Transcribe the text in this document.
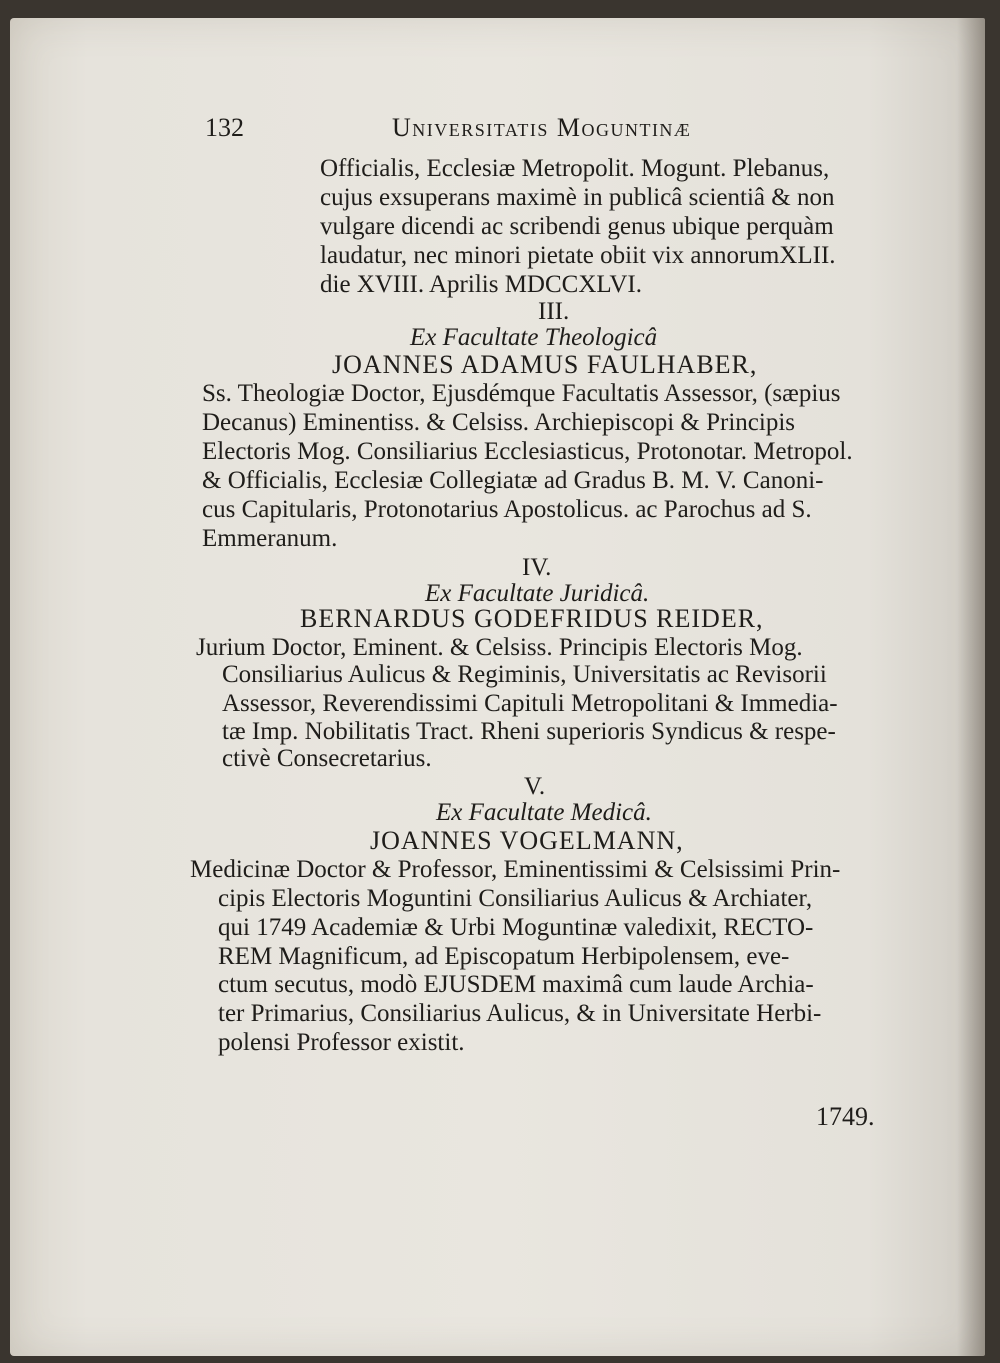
132	Universitatis Moguntinæ
Officialis, Ecclesiæ Metropolit. Mogunt. Plebanus,
cujus exsuperans maximè in publicâ scientiâ & non
vulgare dicendi ac scribendi genus ubique perquàm
laudatur, nec minori pietate obiit vix annorumXLII.
die XVIII. Aprilis MDCCXLVI.
III.
Ex Facultate Theologicâ
JOANNES ADAMUS FAULHABER,
Ss. Theologiæ Doctor, Ejusdémque Facultatis Assessor, (sæpius
Decanus) Eminentiss. & Celsiss. Archiepiscopi & Principis
Electoris Mog. Consiliarius Ecclesiasticus, Protonotar. Metropol.
& Officialis, Ecclesiæ Collegiatæ ad Gradus B. M. V. Canoni-
cus Capitularis, Protonotarius Apostolicus. ac Parochus ad S.
Emmeranum.
IV.
Ex Facultate Juridicâ.
BERNARDUS GODEFRIDUS REIDER,
Jurium Doctor, Eminent. & Celsiss. Principis Electoris Mog.
Consiliarius Aulicus & Regiminis, Universitatis ac Revisorii
Assessor, Reverendissimi Capituli Metropolitani & Immedia-
tæ Imp. Nobilitatis Tract. Rheni superioris Syndicus & respe-
ctivè Consecretarius.
V.
Ex Facultate Medicâ.
JOANNES VOGELMANN,
Medicinæ Doctor & Professor, Eminentissimi & Celsissimi Prin-
cipis Electoris Moguntini Consiliarius Aulicus & Archiater,
qui 1749 Academiæ & Urbi Moguntinæ valedixit, RECTO-
REM Magnificum, ad Episcopatum Herbipolensem, eve-
ctum secutus, modò EJUSDEM maximâ cum laude Archia-
ter Primarius, Consiliarius Aulicus, & in Universitate Herbi-
polensi Professor existit.
1749.
